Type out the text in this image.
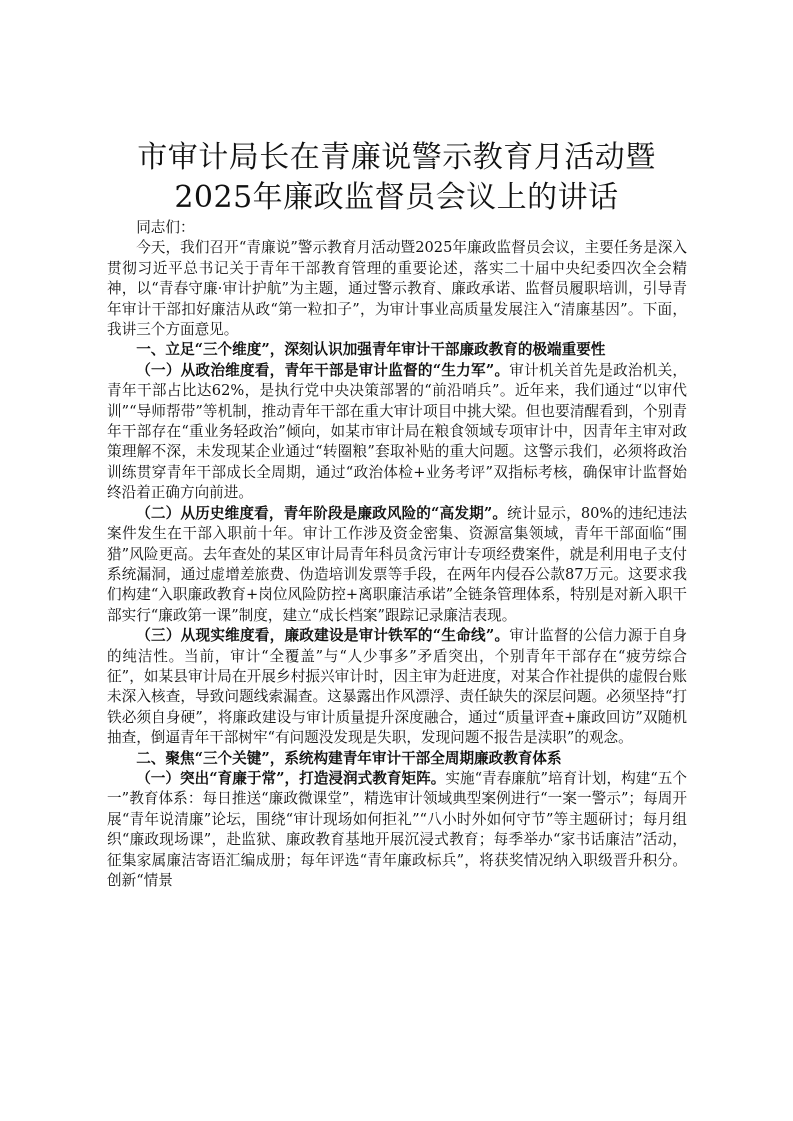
市审计局长在青廉说警示教育月活动暨2025年廉政监督员会议上的讲话

同志们：

今天，我们召开“青廉说”警示教育月活动暨2025年廉政监督员会议，主要任务是深入贯彻习近平总书记关于青年干部教育管理的重要论述，落实二十届中央纪委四次全会精神，以“青春守廉·审计护航”为主题，通过警示教育、廉政承诺、监督员履职培训，引导青年审计干部扣好廉洁从政“第一粒扣子”，为审计事业高质量发展注入“清廉基因”。下面，我讲三个方面意见。

一、立足“三个维度”，深刻认识加强青年审计干部廉政教育的极端重要性

（一）从政治维度看，青年干部是审计监督的“生力军”。审计机关首先是政治机关，青年干部占比达62%，是执行党中央决策部署的“前沿哨兵”。近年来，我们通过“以审代训”“导师帮带”等机制，推动青年干部在重大审计项目中挑大梁。但也要清醒看到，个别青年干部存在“重业务轻政治”倾向，如某市审计局在粮食领域专项审计中，因青年主审对政策理解不深，未发现某企业通过“转圈粮”套取补贴的重大问题。这警示我们，必须将政治训练贯穿青年干部成长全周期，通过“政治体检+业务考评”双指标考核，确保审计监督始终沿着正确方向前进。

（二）从历史维度看，青年阶段是廉政风险的“高发期”。统计显示，80%的违纪违法案件发生在干部入职前十年。审计工作涉及资金密集、资源富集领域，青年干部面临“围猎”风险更高。去年查处的某区审计局青年科员贪污审计专项经费案件，就是利用电子支付系统漏洞，通过虚增差旅费、伪造培训发票等手段，在两年内侵吞公款87万元。这要求我们构建“入职廉政教育+岗位风险防控+离职廉洁承诺”全链条管理体系，特别是对新入职干部实行“廉政第一课”制度，建立“成长档案”跟踪记录廉洁表现。

（三）从现实维度看，廉政建设是审计铁军的“生命线”。审计监督的公信力源于自身的纯洁性。当前，审计“全覆盖”与“人少事多”矛盾突出，个别青年干部存在“疲劳综合征”，如某县审计局在开展乡村振兴审计时，因主审为赶进度，对某合作社提供的虚假台账未深入核查，导致问题线索漏查。这暴露出作风漂浮、责任缺失的深层问题。必须坚持“打铁必须自身硬”，将廉政建设与审计质量提升深度融合，通过“质量评查+廉政回访”双随机抽查，倒逼青年干部树牢“有问题没发现是失职，发现问题不报告是渎职”的观念。

二、聚焦“三个关键”，系统构建青年审计干部全周期廉政教育体系

（一）突出“育廉于常”，打造浸润式教育矩阵。实施“青春廉航”培育计划，构建“五个一”教育体系：每日推送“廉政微课堂”，精选审计领域典型案例进行“一案一警示”；每周开展“青年说清廉”论坛，围绕“审计现场如何拒礼”“八小时外如何守节”等主题研讨；每月组织“廉政现场课”，赴监狱、廉政教育基地开展沉浸式教育；每季举办“家书话廉洁”活动，征集家属廉洁寄语汇编成册；每年评选“青年廉政标兵”，将获奖情况纳入职级晋升积分。创新“情景
